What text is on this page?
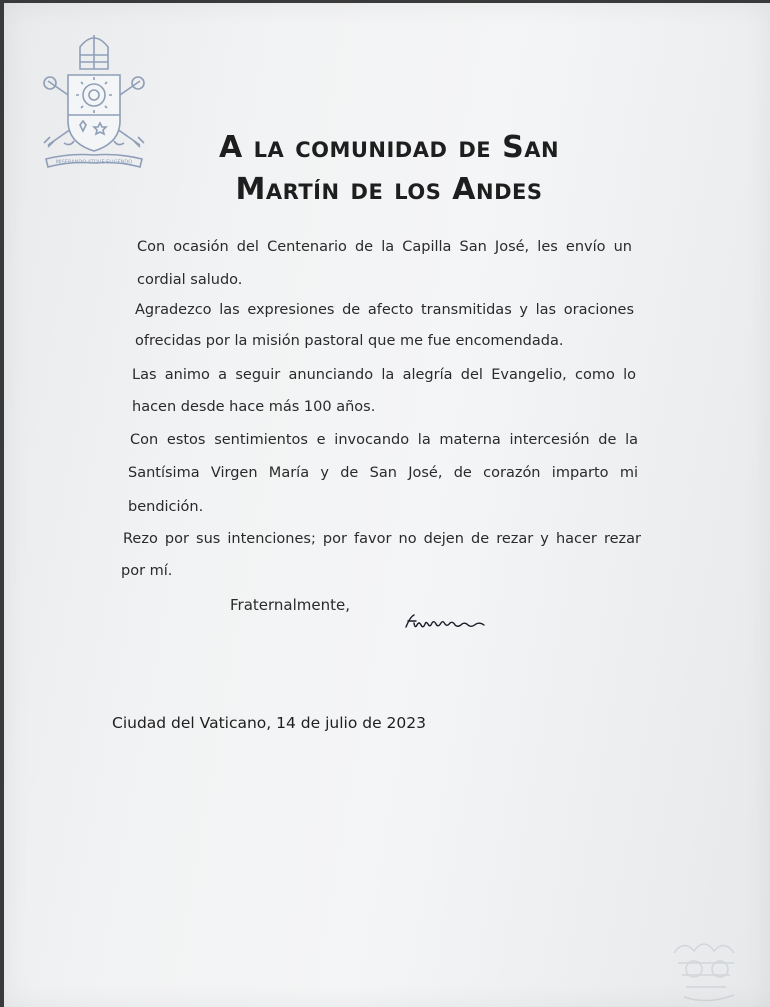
MISERANDO ATQUE ELIGENDO	A la comunidad de San
Martín de los Andes

Con ocasión del Centenario de la Capilla San José, les envío un

cordial saludo.

Agradezco las expresiones de afecto transmitidas y las oraciones

ofrecidas por la misión pastoral que me fue encomendada.

Las animo a seguir anunciando la alegría del Evangelio, como lo

hacen desde hace más 100 años.

Con estos sentimientos e invocando la materna intercesión de la

Santísima Virgen María y de San José, de corazón imparto mi

bendición.

Rezo por sus intenciones; por favor no dejen de rezar y hacer rezar

por mí.

Fraternalmente,

Ciudad del Vaticano, 14 de julio de 2023
